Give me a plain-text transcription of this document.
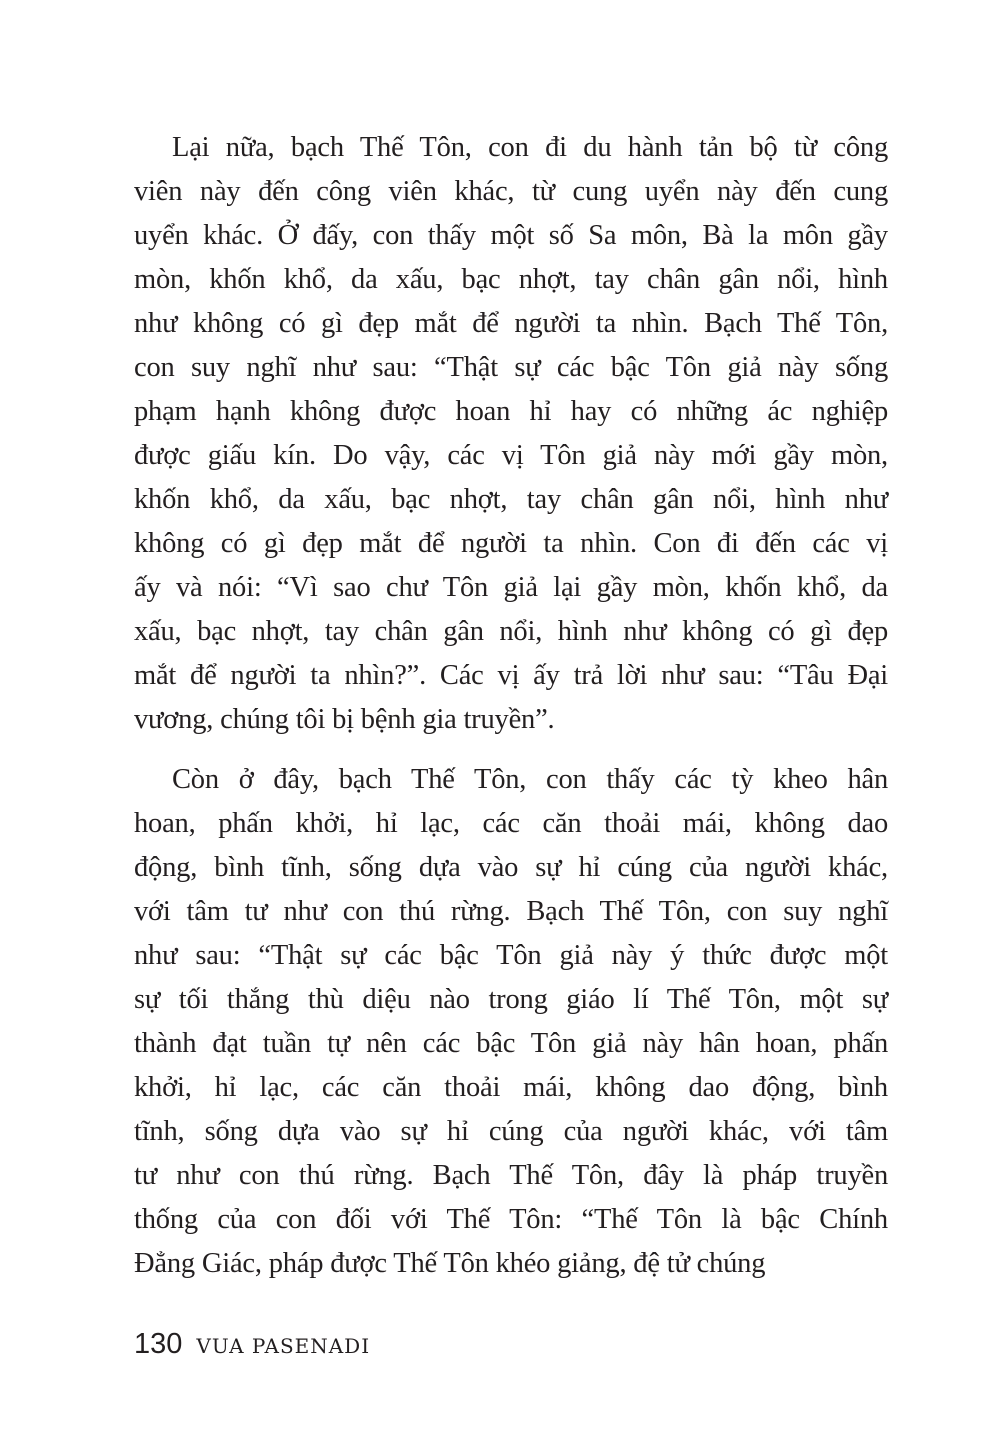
Lại nữa, bạch Thế Tôn, con đi du hành tản bộ từ công
viên này đến công viên khác, từ cung uyển này đến cung
uyển khác. Ở đấy, con thấy một số Sa môn, Bà la môn gầy
mòn, khốn khổ, da xấu, bạc nhợt, tay chân gân nổi, hình
như không có gì đẹp mắt để người ta nhìn. Bạch Thế Tôn,
con suy nghĩ như sau: “Thật sự các bậc Tôn giả này sống
phạm hạnh không được hoan hỉ hay có những ác nghiệp
được giấu kín. Do vậy, các vị Tôn giả này mới gầy mòn,
khốn khổ, da xấu, bạc nhợt, tay chân gân nổi, hình như
không có gì đẹp mắt để người ta nhìn. Con đi đến các vị
ấy và nói: “Vì sao chư Tôn giả lại gầy mòn, khốn khổ, da
xấu, bạc nhợt, tay chân gân nổi, hình như không có gì đẹp
mắt để người ta nhìn?”. Các vị ấy trả lời như sau: “Tâu Đại
vương, chúng tôi bị bệnh gia truyền”.
Còn ở đây, bạch Thế Tôn, con thấy các tỳ kheo hân
hoan, phấn khởi, hỉ lạc, các căn thoải mái, không dao
động, bình tĩnh, sống dựa vào sự hỉ cúng của người khác,
với tâm tư như con thú rừng. Bạch Thế Tôn, con suy nghĩ
như sau: “Thật sự các bậc Tôn giả này ý thức được một
sự tối thắng thù diệu nào trong giáo lí Thế Tôn, một sự
thành đạt tuần tự nên các bậc Tôn giả này hân hoan, phấn
khởi, hỉ lạc, các căn thoải mái, không dao động, bình
tĩnh, sống dựa vào sự hỉ cúng của người khác, với tâm
tư như con thú rừng. Bạch Thế Tôn, đây là pháp truyền
thống của con đối với Thế Tôn: “Thế Tôn là bậc Chính
Đẳng Giác, pháp được Thế Tôn khéo giảng, đệ tử chúng
130 VUA PASENADI
